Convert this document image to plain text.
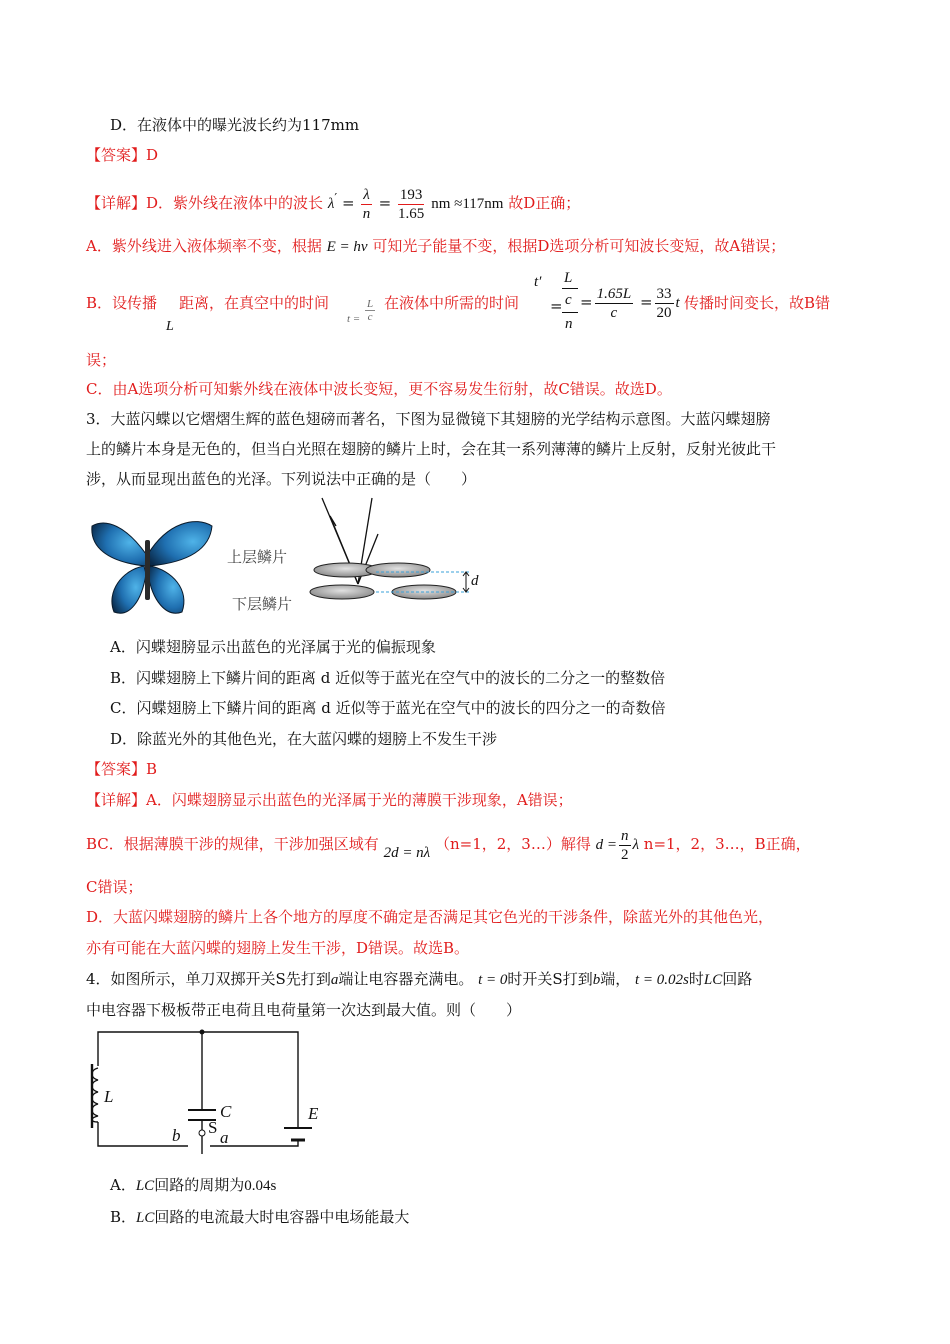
D．在液体中的曝光波长约为117mm
【答案】D
【详解】D．紫外线在液体中的波长 $\lambda' = \frac{\lambda}{n} = \frac{193}{1.65}$ nm ≈117nm 故D正确；
A．紫外线进入液体频率不变，根据 E = hν 可知光子能量不变，根据D选项分析可知波长变短，故A错误；
B．设传播
L
距离，在真空中的时间
$t = \frac{L}{c}$ 在液体中所需的时间
t′
=
L
c
n
= $\frac{1.65L}{c} = \frac{33}{20}$ t 传播时间变长，故B错
误；
C．由A选项分析可知紫外线在液体中波长变短，更不容易发生衍射，故C错误。故选D。
3．大蓝闪蝶以它熠熠生辉的蓝色翅磅而著名，下图为显微镜下其翅膀的光学结构示意图。大蓝闪蝶翅膀
上的鳞片本身是无色的，但当白光照在翅膀的鳞片上时，会在其一系列薄薄的鳞片上反射，反射光彼此干
涉，从而显现出蓝色的光泽。下列说法中正确的是（　　）
上层鳞片
下层鳞片
d
A．闪蝶翅膀显示出蓝色的光泽属于光的偏振现象
B．闪蝶翅膀上下鳞片间的距离 d 近似等于蓝光在空气中的波长的二分之一的整数倍
C．闪蝶翅膀上下鳞片间的距离 d 近似等于蓝光在空气中的波长的四分之一的奇数倍
D．除蓝光外的其他色光，在大蓝闪蝶的翅膀上不发生干涉
【答案】B
【详解】A．闪蝶翅膀显示出蓝色的光泽属于光的薄膜干涉现象，A错误；
BC．根据薄膜干涉的规律，干涉加强区域有 2d = nλ （n=1，2，3…）解得 $d = \frac{n}{2}$ λ n=1，2，3…，B正确，
C错误；
D．大蓝闪蝶翅膀的鳞片上各个地方的厚度不确定是否满足其它色光的干涉条件，除蓝光外的其他色光，
亦有可能在大蓝闪蝶的翅膀上发生干涉，D错误。故选B。
4．如图所示，单刀双掷开关S先打到a端让电容器充满电。 t = 0时开关S打到b端， t = 0.02s时LC回路
中电容器下极板带正电荷且电荷量第一次达到最大值。则（　　）
L
C	E
S
a
b
A．LC回路的周期为0.04s
B．LC回路的电流最大时电容器中电场能最大
